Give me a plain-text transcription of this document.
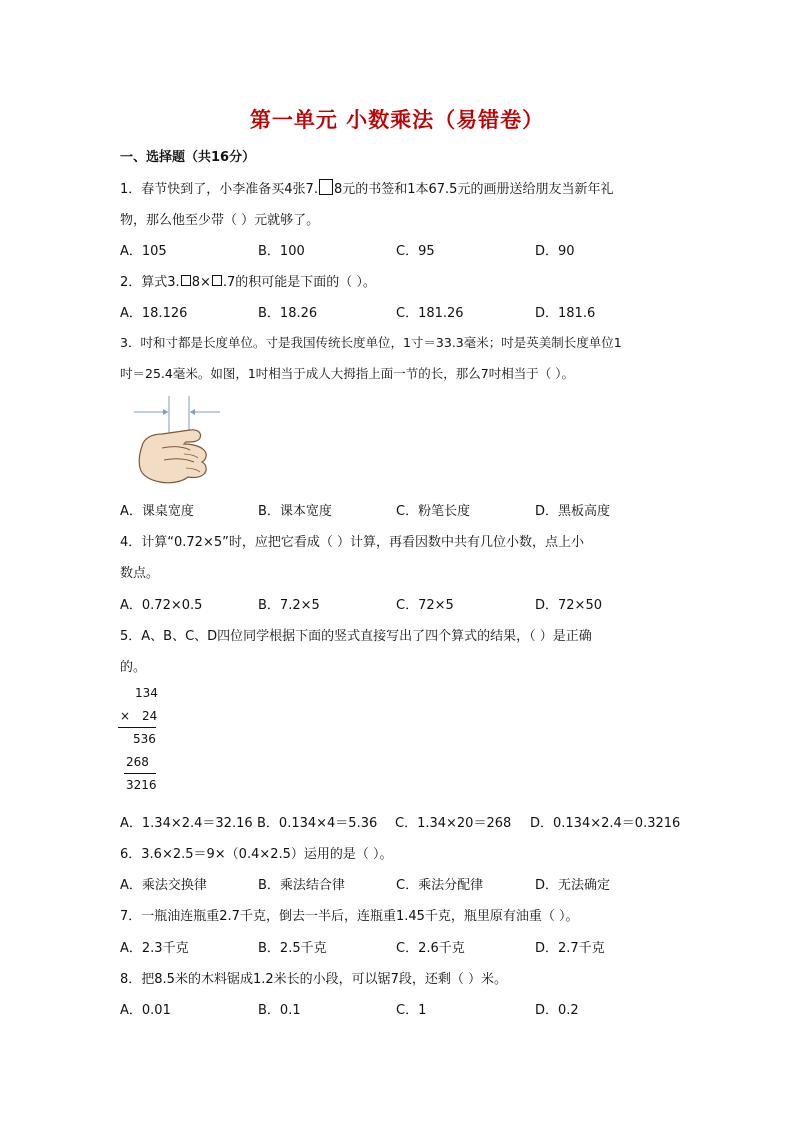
第一单元 小数乘法（易错卷）
一、选择题（共16分）
1．春节快到了，小李准备买4张7. 8元的书签和1本67.5元的画册送给朋友当新年礼
物，那么他至少带（ ）元就够了。
A．105	B．100	C．95	D．90
2．算式3. 8× .7的积可能是下面的（ ）。
A．18.126	B．18.26	C．181.26	D．181.6
3．吋和寸都是长度单位。寸是我国传统长度单位，1寸＝33.3毫米；吋是英美制长度单位1
吋＝25.4毫米。如图，1吋相当于成人大拇指上面一节的长，那么7吋相当于（ ）。
A．课桌宽度	B．课本宽度	C．粉笔长度	D．黑板高度
4．计算“0.72×5”时，应把它看成（ ）计算，再看因数中共有几位小数，点上小
数点。
A．0.72×0.5	B．7.2×5	C．72×5	D．72×50
5．A、B、C、D四位同学根据下面的竖式直接写出了四个算式的结果，（ ）是正确
的。
134
× 24
536
268
3216
A．1.34×2.4＝32.16 B．0.134×4＝5.36 C．1.34×20＝268 D．0.134×2.4＝0.3216
6．3.6×2.5＝9×（0.4×2.5）运用的是（ ）。
A．乘法交换律	B．乘法结合律	C．乘法分配律	D．无法确定
7．一瓶油连瓶重2.7千克，倒去一半后，连瓶重1.45千克，瓶里原有油重（ ）。
A．2.3千克	B．2.5千克	C．2.6千克	D．2.7千克
8．把8.5米的木料锯成1.2米长的小段，可以锯7段，还剩（ ）米。
A．0.01	B．0.1	C．1	D．0.2
